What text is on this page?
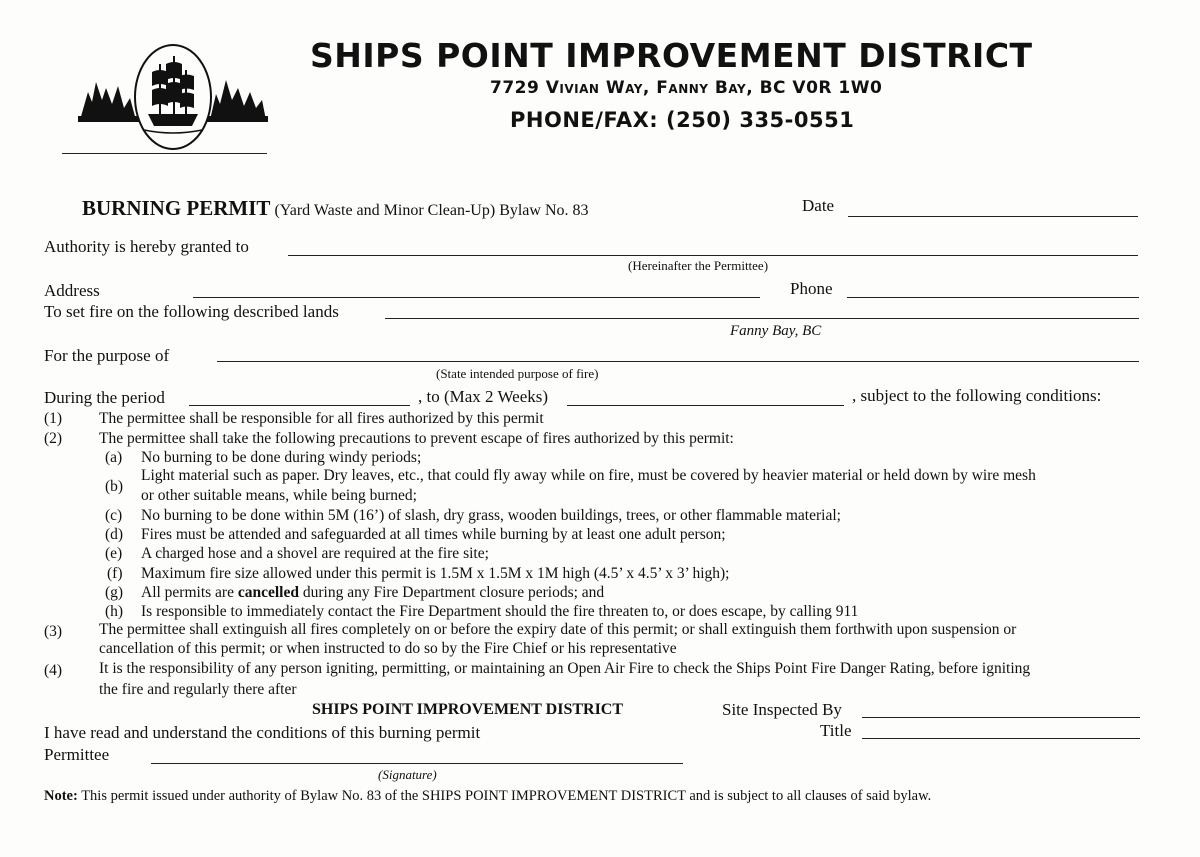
SHIPS POINT IMPROVEMENT DISTRICT
7729 Vivian Way, Fanny Bay, BC V0R 1W0
PHONE/FAX: (250) 335-0551
BURNING PERMIT (Yard Waste and Minor Clean-Up) Bylaw No. 83	Date
Authority is hereby granted to
(Hereinafter the Permittee)
Address	Phone
To set fire on the following described lands
Fanny Bay, BC
For the purpose of
(State intended purpose of fire)
During the period	, to (Max 2 Weeks)	, subject to the following conditions:
(1) The permittee shall be responsible for all fires authorized by this permit
(2) The permittee shall take the following precautions to prevent escape of fires authorized by this permit:
(a) No burning to be done during windy periods;
(b)
Light material such as paper. Dry leaves, etc., that could fly away while on fire, must be covered by heavier material or held down by wire mesh
or other suitable means, while being burned;
(c) No burning to be done within 5M (16’) of slash, dry grass, wooden buildings, trees, or other flammable material;
(d) Fires must be attended and safeguarded at all times while burning by at least one adult person;
(e) A charged hose and a shovel are required at the fire site;
(f) Maximum fire size allowed under this permit is 1.5M x 1.5M x 1M high (4.5’ x 4.5’ x 3’ high);
(g) All permits are cancelled during any Fire Department closure periods; and
(h) Is responsible to immediately contact the Fire Department should the fire threaten to, or does escape, by calling 911
(3) The permittee shall extinguish all fires completely on or before the expiry date of this permit; or shall extinguish them forthwith upon suspension or
cancellation of this permit; or when instructed to do so by the Fire Chief or his representative
(4) It is the responsibility of any person igniting, permitting, or maintaining an Open Air Fire to check the Ships Point Fire Danger Rating, before igniting
the fire and regularly there after
SHIPS POINT IMPROVEMENT DISTRICT	Site Inspected By
I have read and understand the conditions of this burning permit	Title
Permittee
(Signature)
Note: This permit issued under authority of Bylaw No. 83 of the SHIPS POINT IMPROVEMENT DISTRICT and is subject to all clauses of said bylaw.
